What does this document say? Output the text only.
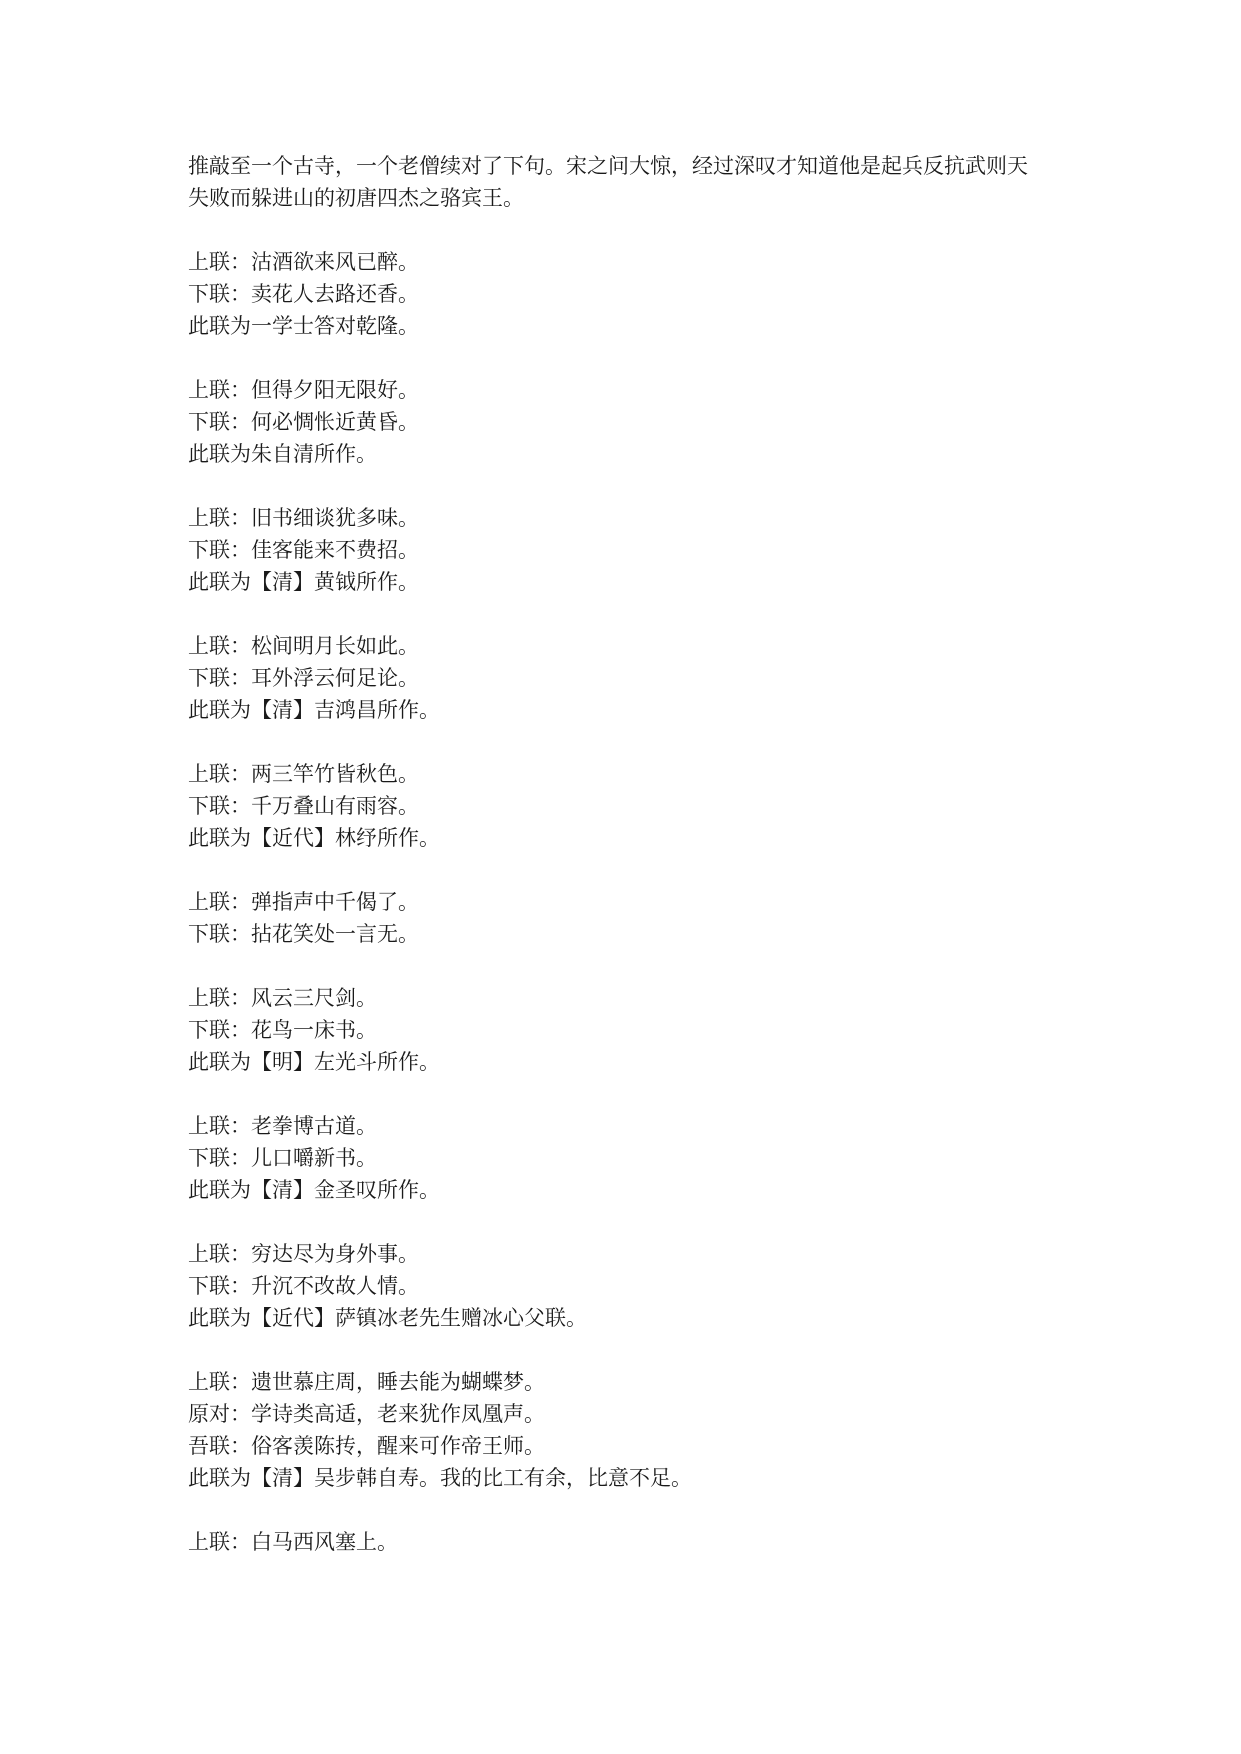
推敲至一个古寺，一个老僧续对了下句。宋之问大惊，经过深叹才知道他是起兵反抗武则天
失败而躲进山的初唐四杰之骆宾王。
上联：沽酒欲来风已醉。
下联：卖花人去路还香。
此联为一学士答对乾隆。
上联：但得夕阳无限好。
下联：何必惆怅近黄昏。
此联为朱自清所作。
上联：旧书细谈犹多味。
下联：佳客能来不费招。
此联为【清】黄钺所作。
上联：松间明月长如此。
下联：耳外浮云何足论。
此联为【清】吉鸿昌所作。
上联：两三竿竹皆秋色。
下联：千万叠山有雨容。
此联为【近代】林纾所作。
上联：弹指声中千偈了。
下联：拈花笑处一言无。
上联：风云三尺剑。
下联：花鸟一床书。
此联为【明】左光斗所作。
上联：老拳博古道。
下联：儿口嚼新书。
此联为【清】金圣叹所作。
上联：穷达尽为身外事。
下联：升沉不改故人情。
此联为【近代】萨镇冰老先生赠冰心父联。
上联：遗世慕庄周，睡去能为蝴蝶梦。
原对：学诗类高适，老来犹作凤凰声。
吾联：俗客羡陈抟，醒来可作帝王师。
此联为【清】吴步韩自寿。我的比工有余，比意不足。
上联：白马西风塞上。
